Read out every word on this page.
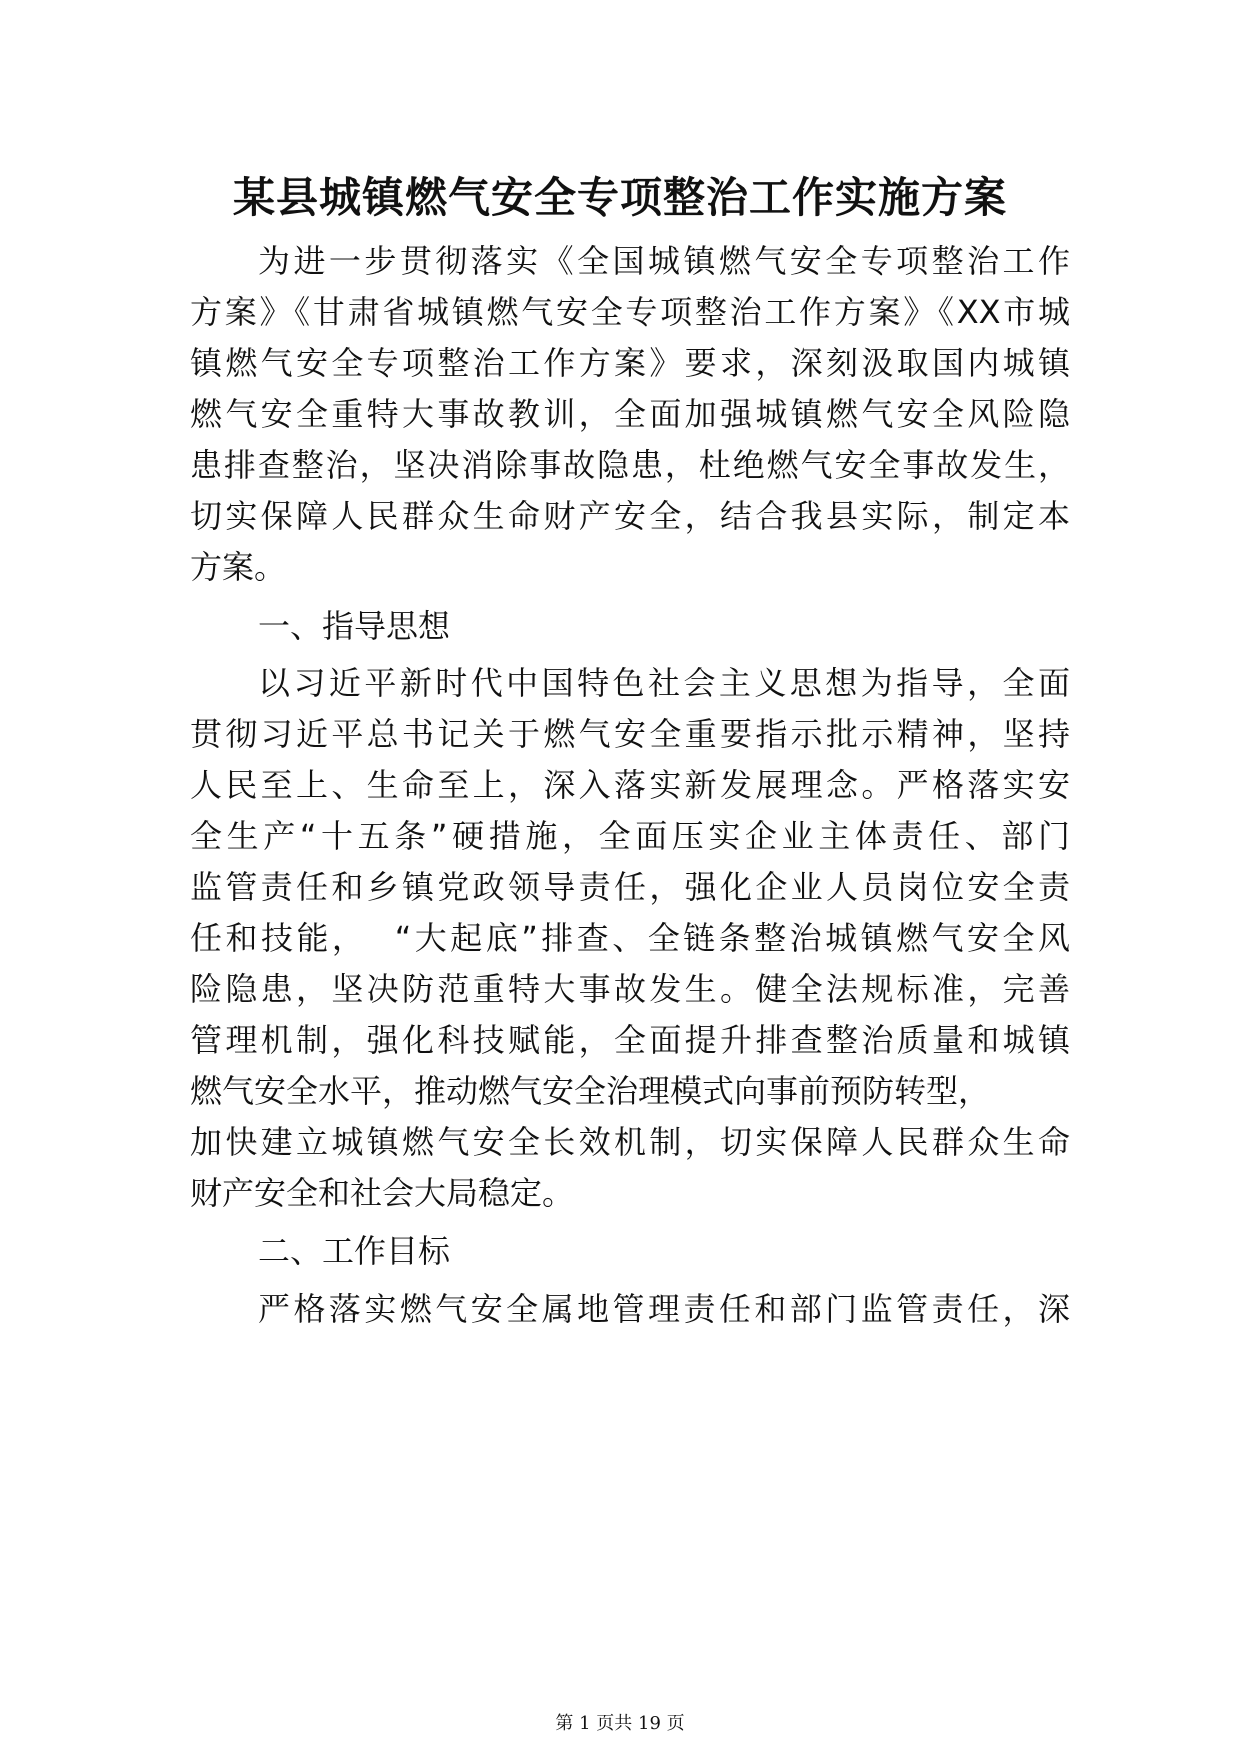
某县城镇燃气安全专项整治工作实施方案

为进一步贯彻落实《全国城镇燃气安全专项整治工作

方案》《甘肃省城镇燃气安全专项整治工作方案》《XX市城

镇燃气安全专项整治工作方案》要求，深刻汲取国内城镇

燃气安全重特大事故教训，全面加强城镇燃气安全风险隐

患排查整治，坚决消除事故隐患，杜绝燃气安全事故发生，

切实保障人民群众生命财产安全，结合我县实际，制定本

方案。

一、指导思想

以习近平新时代中国特色社会主义思想为指导，全面

贯彻习近平总书记关于燃气安全重要指示批示精神，坚持

人民至上、生命至上，深入落实新发展理念。严格落实安

全生产“十五条”硬措施，全面压实企业主体责任、部门

监管责任和乡镇党政领导责任，强化企业人员岗位安全责

任和技能，  “大起底”排查、全链条整治城镇燃气安全风

险隐患，坚决防范重特大事故发生。健全法规标准，完善

管理机制，强化科技赋能，全面提升排查整治质量和城镇

燃气安全水平，推动燃气安全治理模式向事前预防转型，

加快建立城镇燃气安全长效机制，切实保障人民群众生命

财产安全和社会大局稳定。

二、工作目标

严格落实燃气安全属地管理责任和部门监管责任，深

第 1 页共 19 页
